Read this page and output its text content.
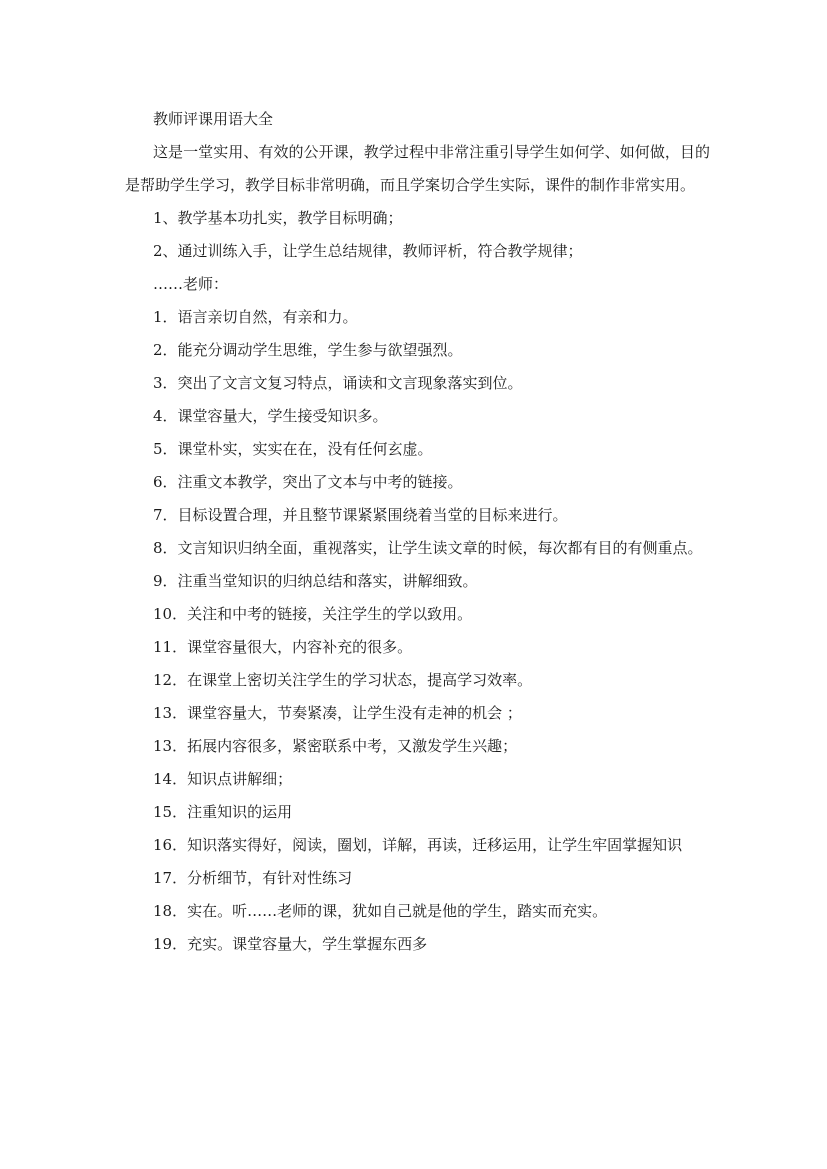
教师评课用语大全

这是一堂实用、有效的公开课，教学过程中非常注重引导学生如何学、如何做，目的是帮助学生学习，教学目标非常明确，而且学案切合学生实际，课件的制作非常实用。

1、教学基本功扎实，教学目标明确；

2、通过训练入手，让学生总结规律，教师评析，符合教学规律；

……老师：

1．语言亲切自然，有亲和力。

2．能充分调动学生思维，学生参与欲望强烈。

3．突出了文言文复习特点，诵读和文言现象落实到位。

4．课堂容量大，学生接受知识多。

5．课堂朴实，实实在在，没有任何玄虚。

6．注重文本教学，突出了文本与中考的链接。

7．目标设置合理，并且整节课紧紧围绕着当堂的目标来进行。

8．文言知识归纳全面，重视落实，让学生读文章的时候，每次都有目的有侧重点。

9．注重当堂知识的归纳总结和落实，讲解细致。

10．关注和中考的链接，关注学生的学以致用。

11．课堂容量很大，内容补充的很多。

12．在课堂上密切关注学生的学习状态，提高学习效率。

13．课堂容量大，节奏紧凑，让学生没有走神的机会 ；

13．拓展内容很多，紧密联系中考，又激发学生兴趣；

14．知识点讲解细；

15．注重知识的运用

16．知识落实得好，阅读，圈划，详解，再读，迁移运用，让学生牢固掌握知识

17．分析细节，有针对性练习

18．实在。听……老师的课，犹如自己就是他的学生，踏实而充实。

19．充实。课堂容量大，学生掌握东西多
